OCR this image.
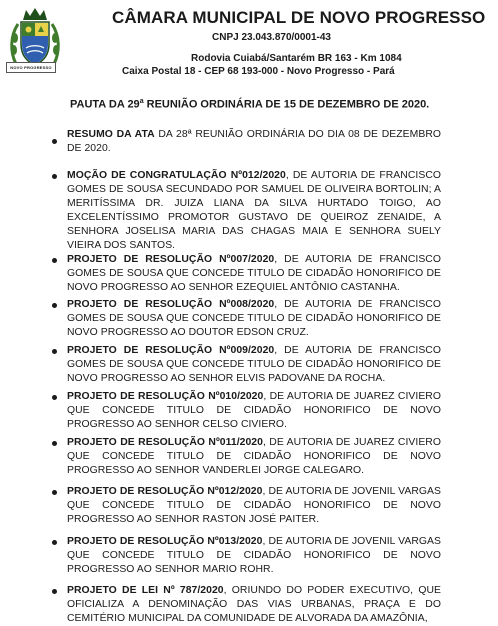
NOVO PROGRESSO
CÂMARA MUNICIPAL DE NOVO PROGRESSO
CNPJ 23.043.870/0001-43
Rodovia Cuiabá/Santarém BR 163 - Km 1084
Caixa Postal 18 - CEP 68 193-000 - Novo Progresso - Pará
PAUTA DA 29$^a$ REUNIÃO ORDINÁRIA DE 15 DE DEZEMBRO DE 2020.
RESUMO DA ATA DA 28ª REUNIÃO ORDINÁRIA DO DIA 08 DE DEZEMBRO DE 2020.
MOÇÃO DE CONGRATULAÇÃO Nº012/2020, DE AUTORIA DE FRANCISCO GOMES DE SOUSA SECUNDADO POR SAMUEL DE OLIVEIRA BORTOLIN; A MERITÍSSIMA DR. JUIZA LIANA DA SILVA HURTADO TOIGO, AO EXCELENTÍSSIMO PROMOTOR GUSTAVO DE QUEIROZ ZENAIDE, A SENHORA JOSELISA MARIA DAS CHAGAS MAIA E SENHORA SUELY VIEIRA DOS SANTOS.
PROJETO DE RESOLUÇÃO Nº007/2020, DE AUTORIA DE FRANCISCO GOMES DE SOUSA QUE CONCEDE TITULO DE CIDADÃO HONORIFICO DE NOVO PROGRESSO AO SENHOR EZEQUIEL ANTÔNIO CASTANHA.
PROJETO DE RESOLUÇÃO Nº008/2020, DE AUTORIA DE FRANCISCO GOMES DE SOUSA QUE CONCEDE TITULO DE CIDADÃO HONORIFICO DE NOVO PROGRESSO AO DOUTOR EDSON CRUZ.
PROJETO DE RESOLUÇÃO Nº009/2020, DE AUTORIA DE FRANCISCO GOMES DE SOUSA QUE CONCEDE TITULO DE CIDADÃO HONORIFICO DE NOVO PROGRESSO AO SENHOR ELVIS PADOVANE DA ROCHA.
PROJETO DE RESOLUÇÃO Nº010/2020, DE AUTORIA DE JUAREZ CIVIERO QUE CONCEDE TITULO DE CIDADÃO HONORIFICO DE NOVO PROGRESSO AO SENHOR CELSO CIVIERO.
PROJETO DE RESOLUÇÃO Nº011/2020, DE AUTORIA DE JUAREZ CIVIERO QUE CONCEDE TITULO DE CIDADÃO HONORIFICO DE NOVO PROGRESSO AO SENHOR VANDERLEI JORGE CALEGARO.
PROJETO DE RESOLUÇÃO Nº012/2020, DE AUTORIA DE JOVENIL VARGAS QUE CONCEDE TITULO DE CIDADÃO HONORIFICO DE NOVO PROGRESSO AO SENHOR RASTON JOSÉ PAITER.
PROJETO DE RESOLUÇÃO Nº013/2020, DE AUTORIA DE JOVENIL VARGAS QUE CONCEDE TITULO DE CIDADÃO HONORIFICO DE NOVO PROGRESSO AO SENHOR MARIO ROHR.
PROJETO DE LEI Nº 787/2020, ORIUNDO DO PODER EXECUTIVO, QUE OFICIALIZA A DENOMINAÇÃO DAS VIAS URBANAS, PRAÇA E DO CEMITÉRIO MUNICIPAL DA COMUNIDADE DE ALVORADA DA AMAZÔNIA,
